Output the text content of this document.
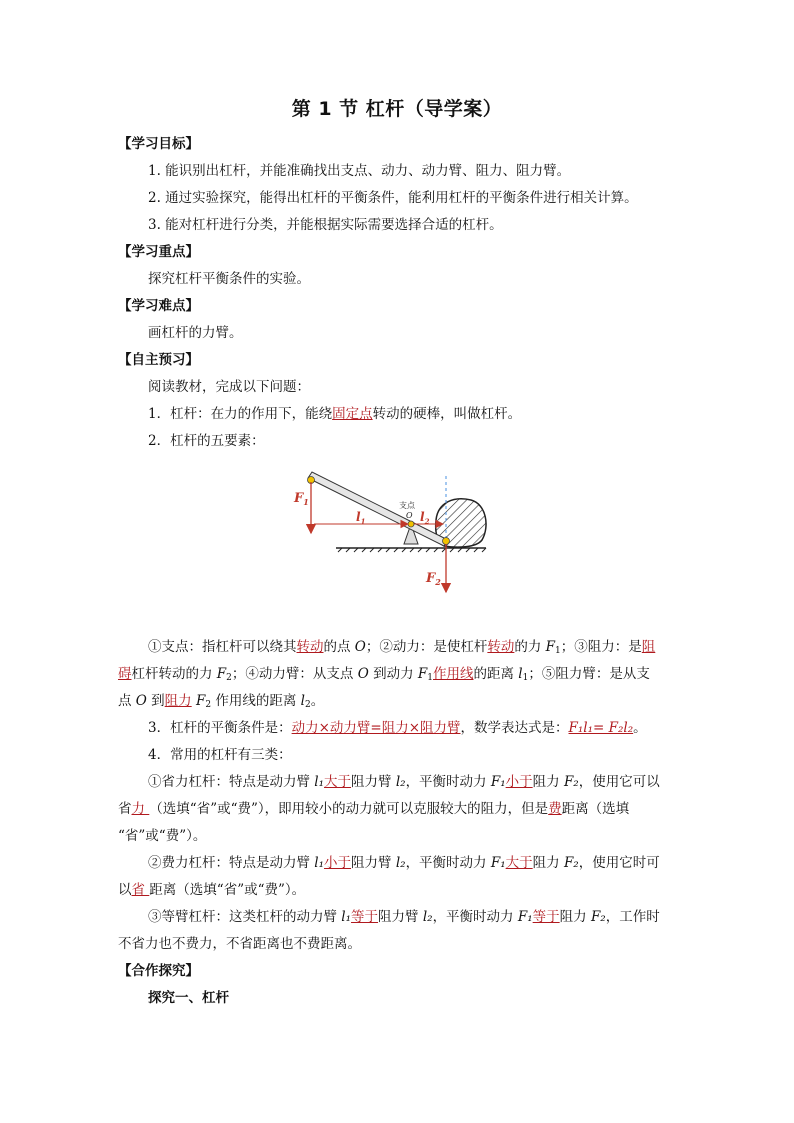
第 1 节 杠杆（导学案）
【学习目标】
1. 能识别出杠杆，并能准确找出支点、动力、动力臂、阻力、阻力臂。
2. 通过实验探究，能得出杠杆的平衡条件，能利用杠杆的平衡条件进行相关计算。
3. 能对杠杆进行分类，并能根据实际需要选择合适的杠杆。
【学习重点】
探究杠杆平衡条件的实验。
【学习难点】
画杠杆的力臂。
【自主预习】
阅读教材，完成以下问题：
1．杠杆：在力的作用下，能绕固定点转动的硬棒，叫做杠杆。
2．杠杆的五要素：
$F_1$
$F_2$
$l_1$	$l_2$
支点
O
①支点：指杠杆可以绕其转动的点 O；②动力：是使杠杆转动的力 $F_1$；③阻力：是阻
碍杠杆转动的力 $F_2$；④动力臂：从支点 O 到动力 $F_1$作用线的距离 $l_1$；⑤阻力臂：是从支
点 O 到阻力 $F_2$ 作用线的距离 $l_2$。
3．杠杆的平衡条件是：动力×动力臂=阻力×阻力臂，数学表达式是：F₁l₁= F₂l₂。
4．常用的杠杆有三类：
①省力杠杆：特点是动力臂 l₁大于阻力臂 l₂，平衡时动力 F₁小于阻力 F₂，使用它可以
省力 （选填“省”或“费”），即用较小的动力就可以克服较大的阻力，但是费距离（选填
“省”或“费”）。
②费力杠杆：特点是动力臂 l₁小于阻力臂 l₂，平衡时动力 F₁大于阻力 F₂，使用它时可
以省 距离（选填“省”或“费”）。
③等臂杠杆：这类杠杆的动力臂 l₁等于阻力臂 l₂，平衡时动力 F₁等于阻力 F₂，工作时
不省力也不费力，不省距离也不费距离。
【合作探究】
探究一、杠杆
